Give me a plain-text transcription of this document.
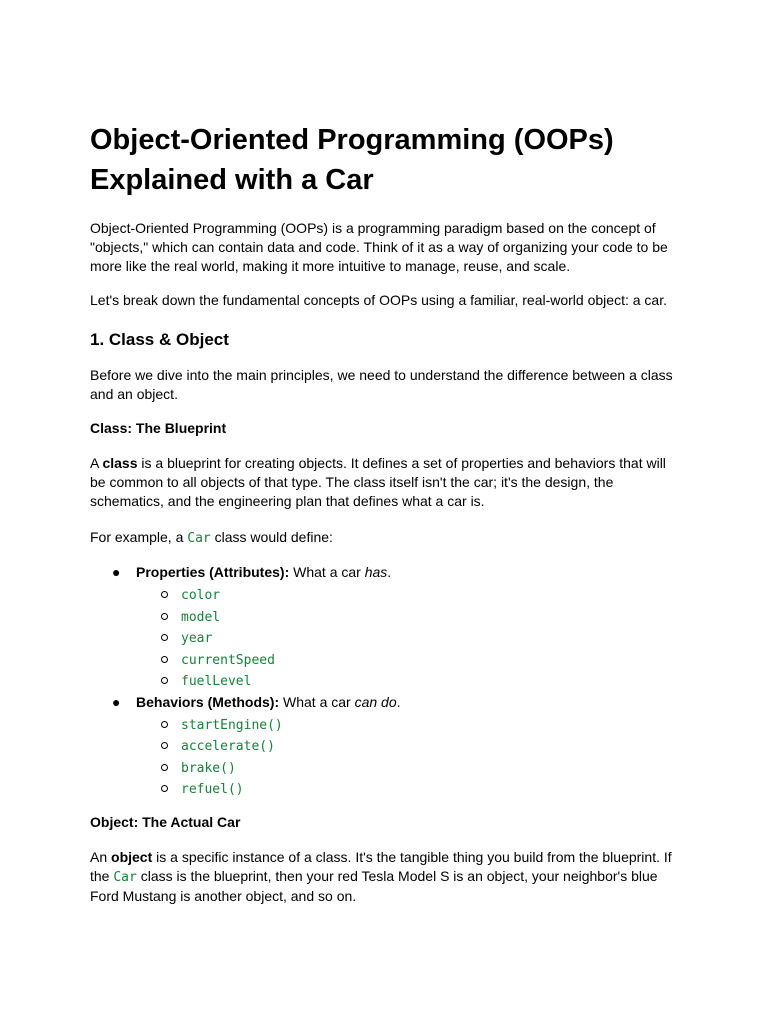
Object-Oriented Programming (OOPs)
Explained with a Car

Object-Oriented Programming (OOPs) is a programming paradigm based on the concept of "objects," which can contain data and code. Think of it as a way of organizing your code to be more like the real world, making it more intuitive to manage, reuse, and scale.

Let's break down the fundamental concepts of OOPs using a familiar, real-world object: a car.

1. Class & Object

Before we dive into the main principles, we need to understand the difference between a class and an object.

Class: The Blueprint

A class is a blueprint for creating objects. It defines a set of properties and behaviors that will be common to all objects of that type. The class itself isn't the car; it's the design, the schematics, and the engineering plan that defines what a car is.

For example, a Car class would define:

● Properties (Attributes): What a car has.
color
model
year
currentSpeed
fuelLevel
● Behaviors (Methods): What a car can do.
startEngine()
accelerate()
brake()
refuel()
Object: The Actual Car

An object is a specific instance of a class. It's the tangible thing you build from the blueprint. If the Car class is the blueprint, then your red Tesla Model S is an object, your neighbor's blue Ford Mustang is another object, and so on.
